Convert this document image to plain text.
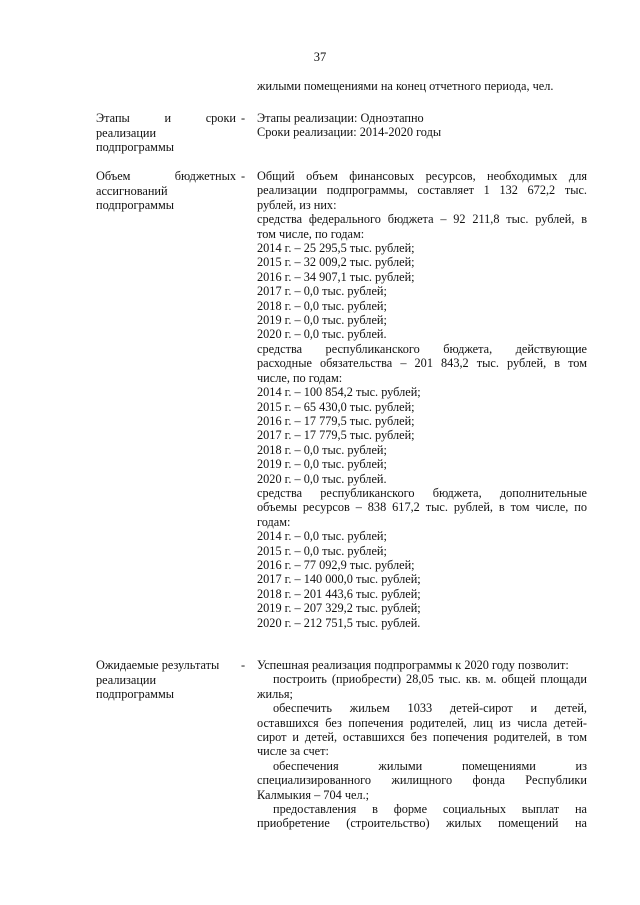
37
жилыми помещениями на конец отчетного периода, чел.
Этапы	и	сроки
реализации
подпрограммы
- Этапы реализации: Одноэтапно

Сроки реализации: 2014-2020 годы

Объем	бюджетных
ассигнований
подпрограммы
- Общий объем финансовых ресурсов, необходимых для

реализации подпрограммы, составляет 1 132 672,2 тыс.

рублей, из них:

средства федерального бюджета – 92 211,8 тыс. рублей, в

том числе, по годам:

2014 г. – 25 295,5 тыс. рублей;

2015 г. – 32 009,2 тыс. рублей;

2016 г. – 34 907,1 тыс. рублей;

2017 г. – 0,0 тыс. рублей;

2018 г. – 0,0 тыс. рублей;

2019 г. – 0,0 тыс. рублей;

2020 г. – 0,0 тыс. рублей.

средства республиканского бюджета, действующие

расходные обязательства – 201 843,2 тыс. рублей, в том

числе, по годам:

2014 г. – 100 854,2 тыс. рублей;

2015 г. – 65 430,0 тыс. рублей;

2016 г. – 17 779,5 тыс. рублей;

2017 г. – 17 779,5 тыс. рублей;

2018 г. – 0,0 тыс. рублей;

2019 г. – 0,0 тыс. рублей;

2020 г. – 0,0 тыс. рублей.

средства республиканского бюджета, дополнительные

объемы ресурсов – 838 617,2 тыс. рублей, в том числе, по

годам:

2014 г. – 0,0 тыс. рублей;

2015 г. – 0,0 тыс. рублей;

2016 г. – 77 092,9 тыс. рублей;

2017 г. – 140 000,0 тыс. рублей;

2018 г. – 201 443,6 тыс. рублей;

2019 г. – 207 329,2 тыс. рублей;

2020 г. – 212 751,5 тыс. рублей.

Ожидаемые результаты
реализации
подпрограммы
- Успешная реализация подпрограммы к 2020 году позволит:

построить (приобрести) 28,05 тыс. кв. м. общей площади

жилья;

обеспечить жильем 1033 детей-сирот и детей,

оставшихся без попечения родителей, лиц из числа детей-

сирот и детей, оставшихся без попечения родителей, в том

числе за счет:

обеспечения жилыми помещениями из

специализированного жилищного фонда Республики

Калмыкия – 704 чел.;

предоставления в форме социальных выплат на

приобретение (строительство) жилых помещений на
